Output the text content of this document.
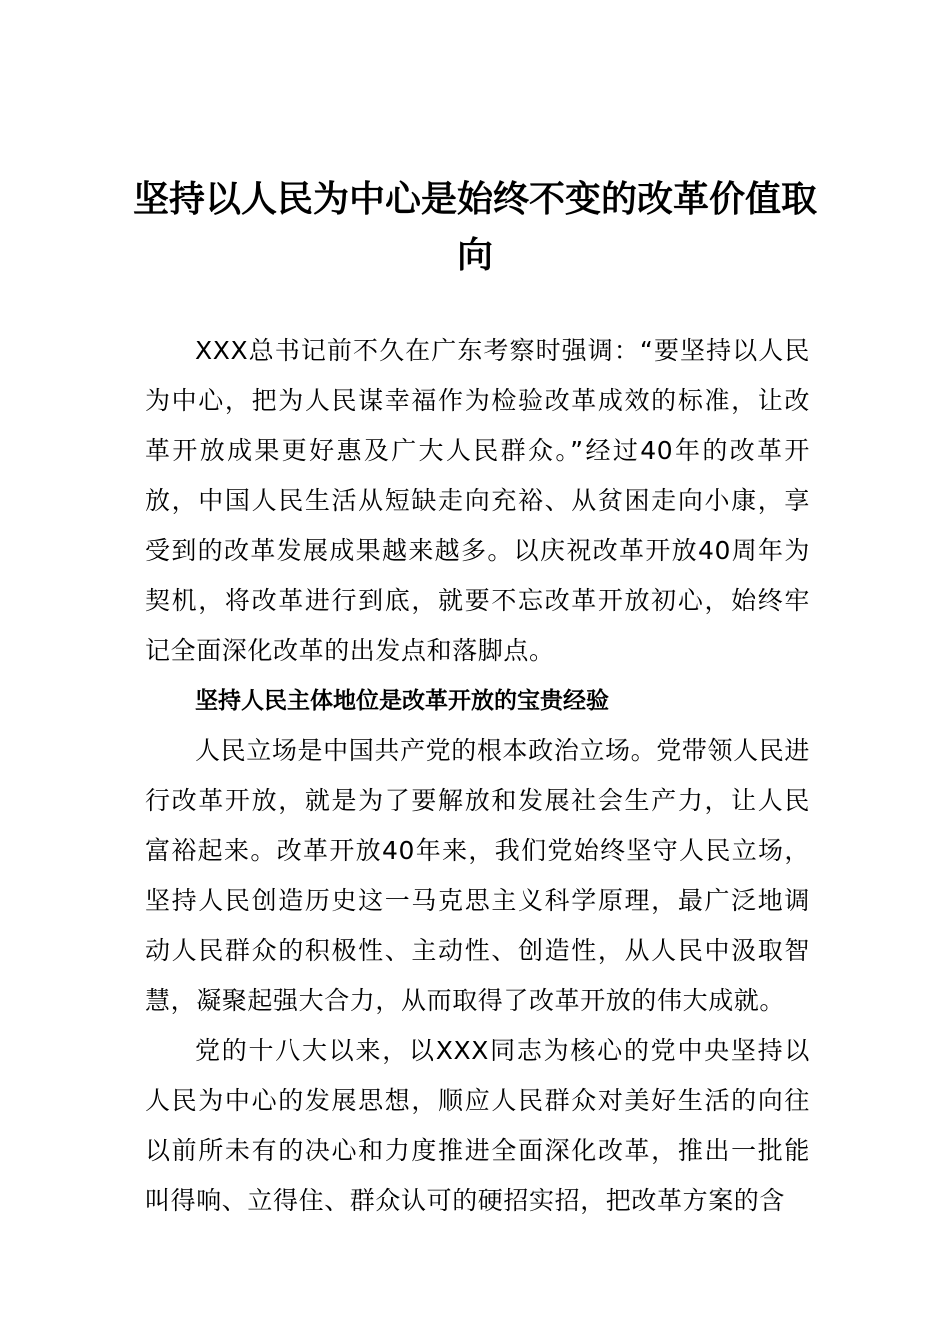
坚持以人民为中心是始终不变的改革价值取向

XXX总书记前不久在广东考察时强调：“要坚持以人民为中心，把为人民谋幸福作为检验改革成效的标准，让改革开放成果更好惠及广大人民群众。”经过40年的改革开放，中国人民生活从短缺走向充裕、从贫困走向小康，享受到的改革发展成果越来越多。以庆祝改革开放40周年为契机，将改革进行到底，就要不忘改革开放初心，始终牢记全面深化改革的出发点和落脚点。

坚持人民主体地位是改革开放的宝贵经验

人民立场是中国共产党的根本政治立场。党带领人民进行改革开放，就是为了要解放和发展社会生产力，让人民富裕起来。改革开放40年来，我们党始终坚守人民立场，坚持人民创造历史这一马克思主义科学原理，最广泛地调动人民群众的积极性、主动性、创造性，从人民中汲取智慧，凝聚起强大合力，从而取得了改革开放的伟大成就。

党的十八大以来，以XXX同志为核心的党中央坚持以人民为中心的发展思想，顺应人民群众对美好生活的向往以前所未有的决心和力度推进全面深化改革，推出一批能叫得响、立得住、群众认可的硬招实招，把改革方案的含
